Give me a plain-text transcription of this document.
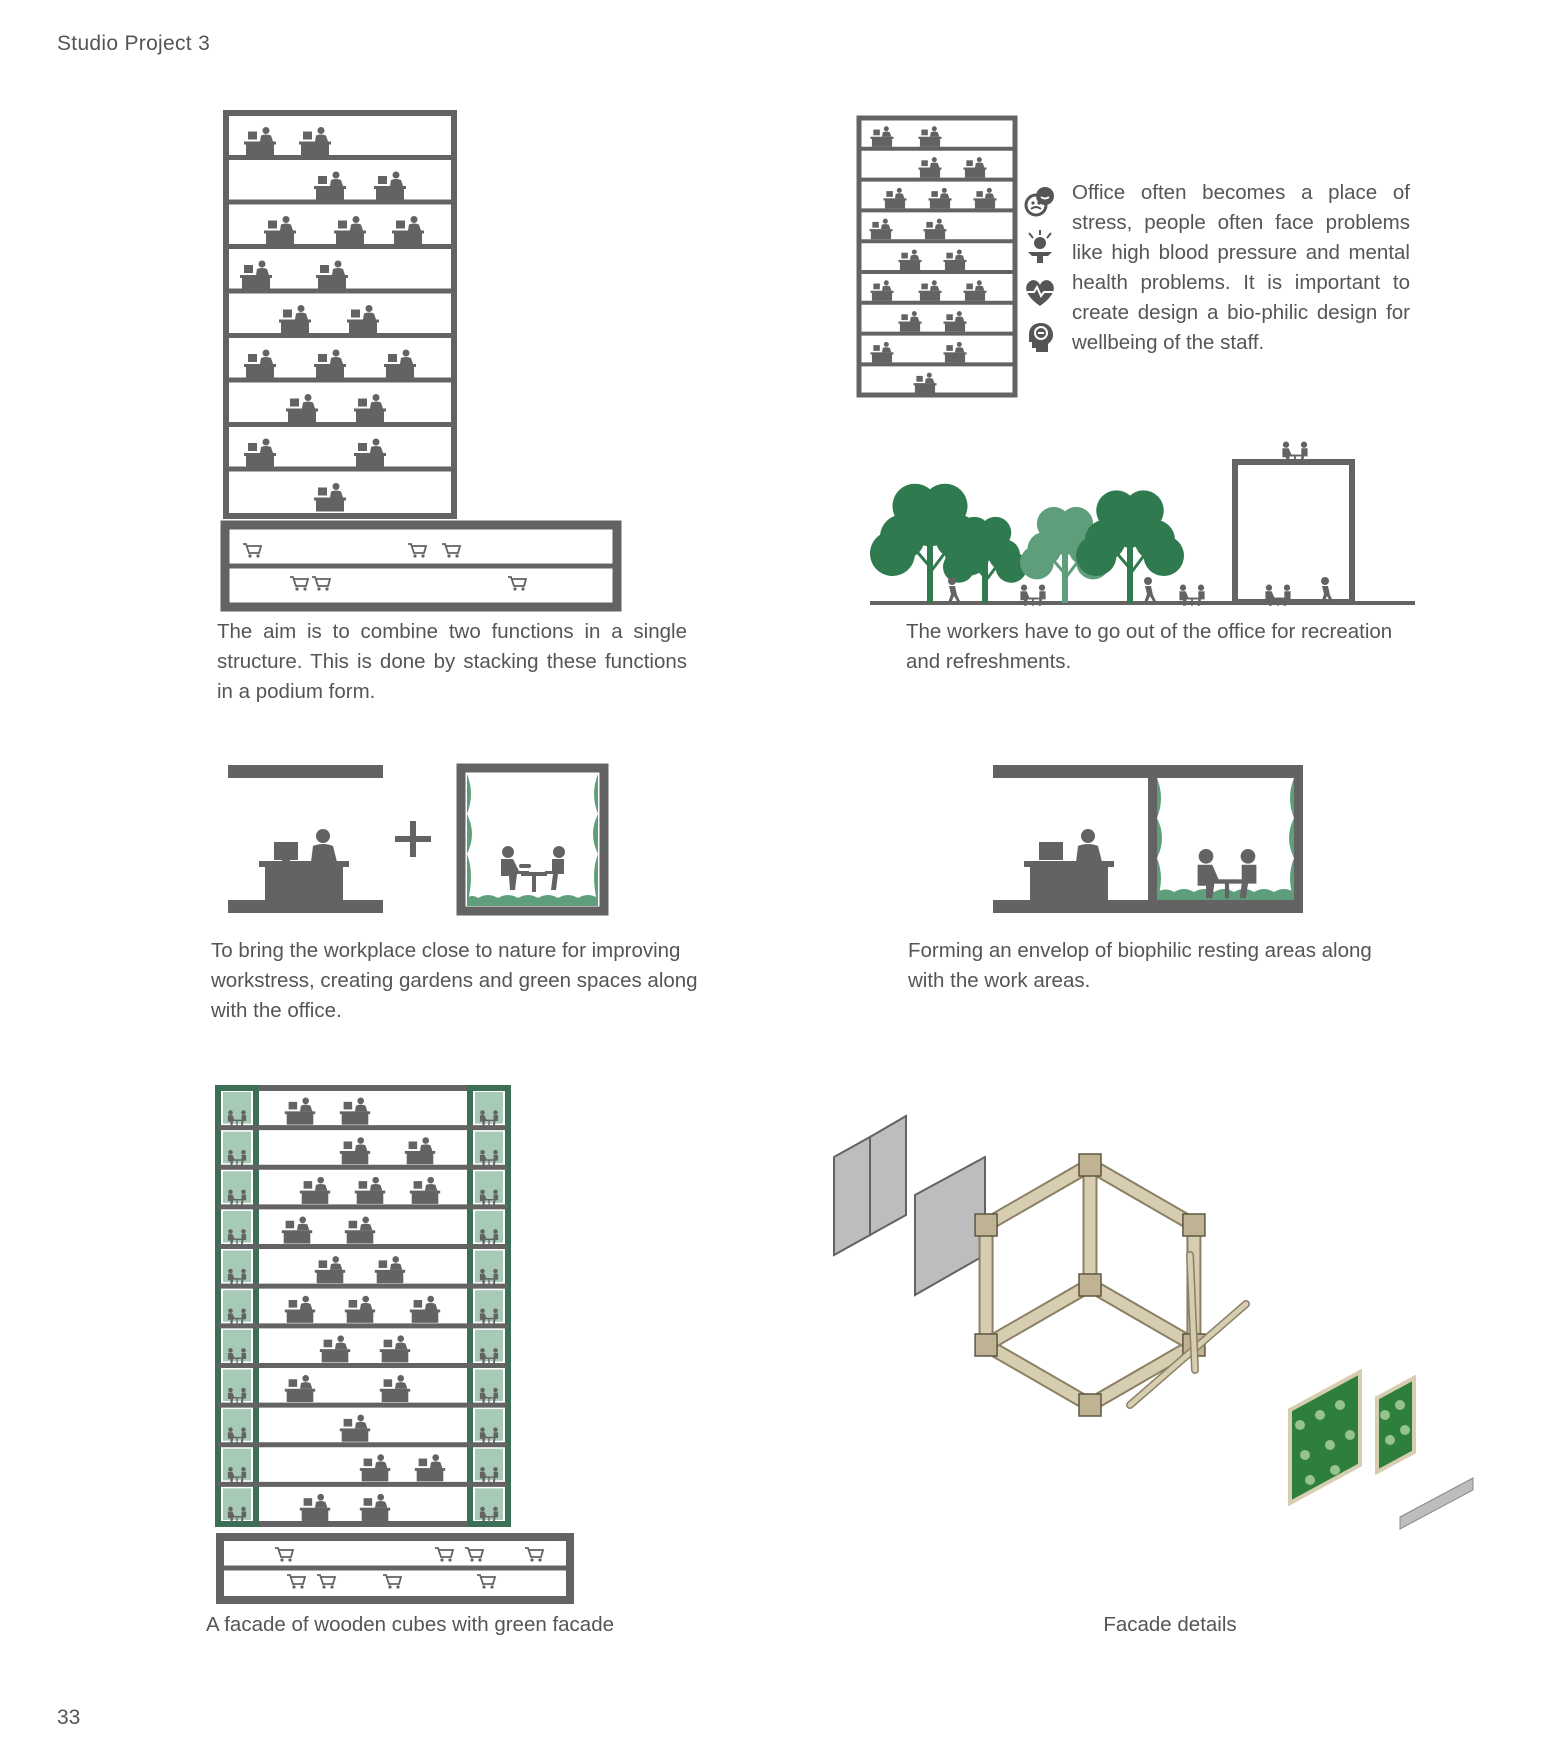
Studio Project 3
The aim is to combine two functions in a single structure. This is done by stacking these functions in a podium form.
Office often becomes a place of stress, people often face problems like high blood pressure and mental health problems. It is important to create design a bio-philic design for wellbeing of the staff.
The workers have to go out of the office for recreation and refreshments.
To bring the workplace close to nature for improving workstress, creating gardens and green spaces along with the office.
Forming an envelop of biophilic resting areas along with the work areas.
A facade of wooden cubes with green facade	Facade details
33
